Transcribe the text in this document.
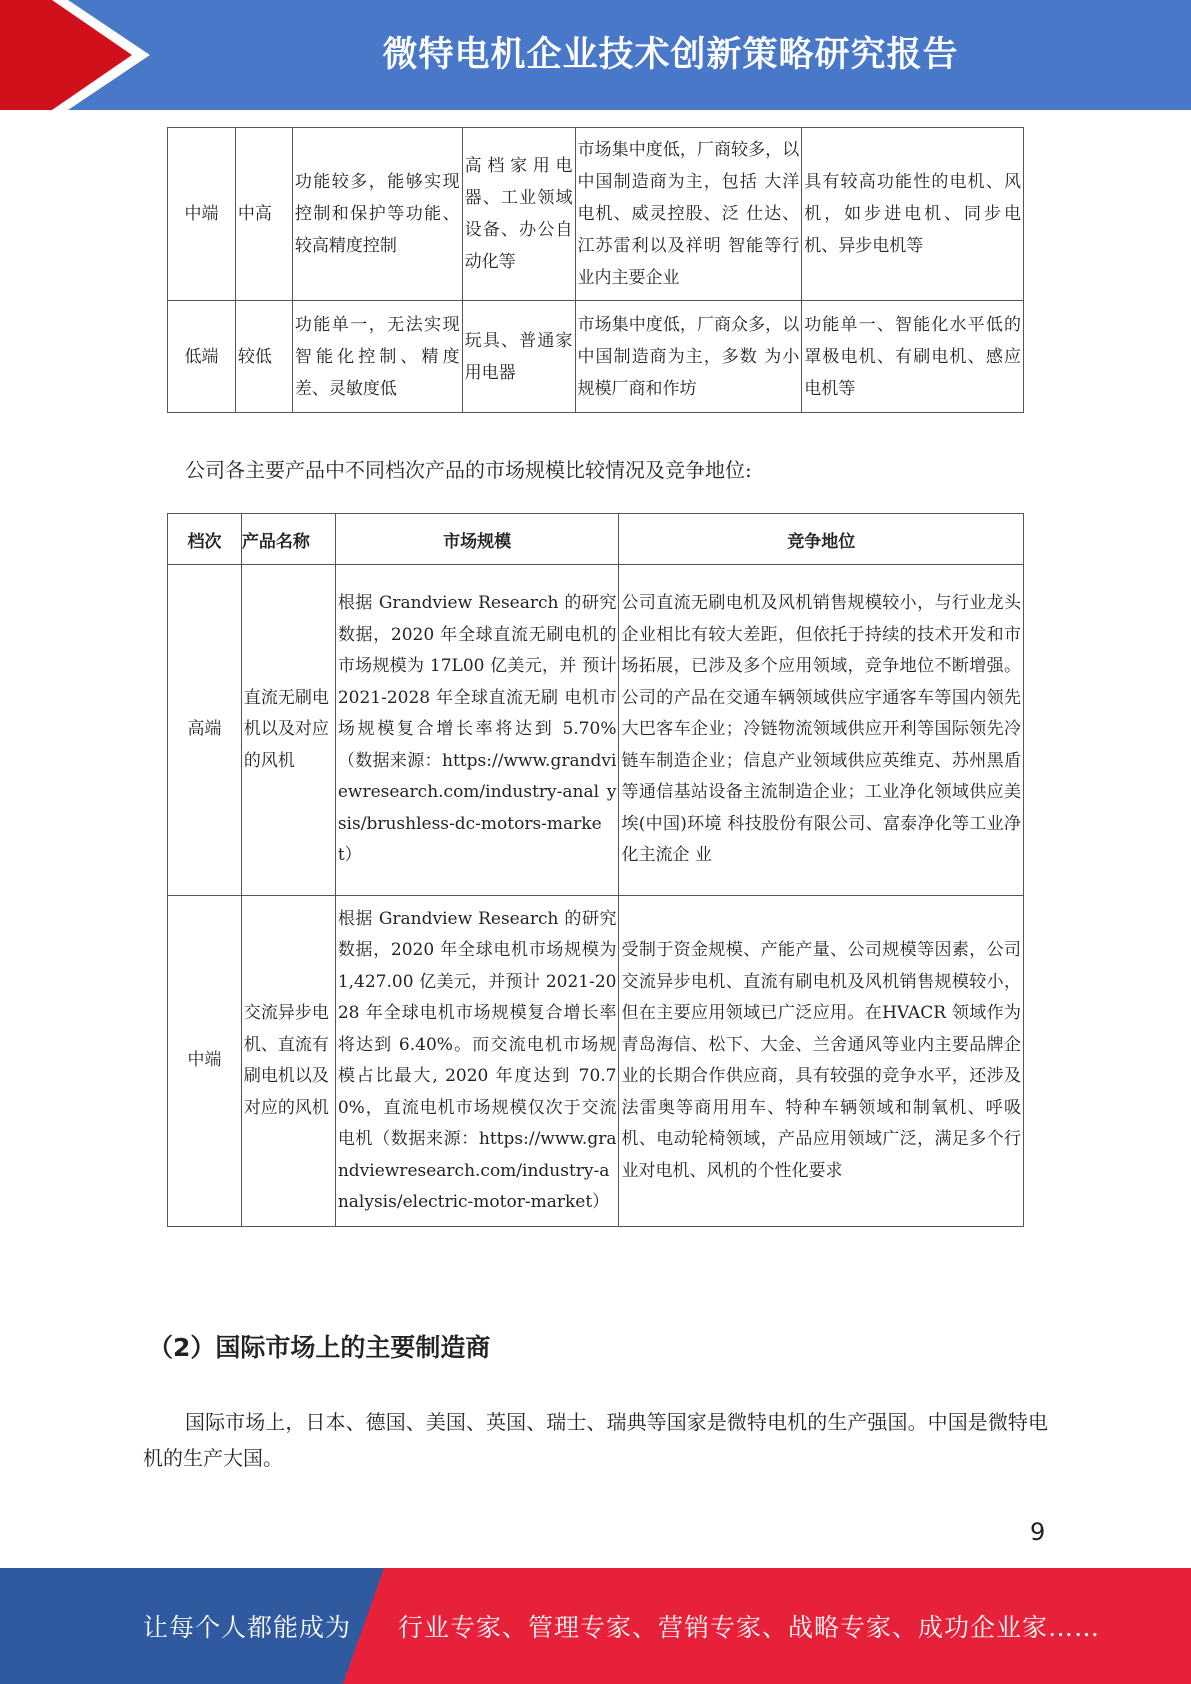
微特电机企业技术创新策略研究报告
中端	中高	功能较多，能够实现控制和保护等功能、较高精度控制	高档家用电器、工业领域设备、办公自动化等	市场集中度低，厂商较多，以中国制造商为主，包括 大洋电机、威灵控股、泛 仕达、江苏雷利以及祥明 智能等行业内主要企业	具有较高功能性的电机、风机，如步进电机、同步电机、异步电机等
低端	较低	功能单一，无法实现智能化控制、精度差、灵敏度低	玩具、普通家用电器	市场集中度低，厂商众多，以中国制造商为主，多数 为小规模厂商和作坊	功能单一、智能化水平低的罩极电机、有刷电机、感应电机等
公司各主要产品中不同档次产品的市场规模比较情况及竞争地位:
档次	产品名称	市场规模	竞争地位
高端	直流无刷电机以及对应的风机	根据 Grandview Research 的研究数据，2020 年全球直流无刷电机的市场规模为 17L00 亿美元，并 预计 2021-2028 年全球直流无刷 电机市场规模复合增长率将达到 5.70%（数据来源：https://www.grandviewresearch.com/industry-anal ysis/brushless-dc-motors-market）	公司直流无刷电机及风机销售规模较小，与行业龙头企业相比有较大差距，但依托于持续的技术开发和市场拓展，已涉及多个应用领域，竞争地位不断增强。公司的产品在交通车辆领域供应宇通客车等国内领先大巴客车企业；冷链物流领域供应开利等国际领先冷链车制造企业；信息产业领域供应英维克、苏州黑盾等通信基站设备主流制造企业；工业净化领域供应美埃(中国)环境 科技股份有限公司、富泰净化等工业净化主流企 业
中端	交流异步电机、直流有刷电机以及对应的风机	根据 Grandview Research 的研究数据，2020 年全球电机市场规模为 1,427.00 亿美元，并预计 2021-2028 年全球电机市场规模复合增长率将达到 6.40%。而交流电机市场规模占比最大, 2020 年度达到 70.70%，直流电机市场规模仅次于交流电机（数据来源：https://www.grandviewresearch.com/industry-analysis/electric-motor-market）	受制于资金规模、产能产量、公司规模等因素，公司交流异步电机、直流有刷电机及风机销售规模较小，但在主要应用领域已广泛应用。在HVACR 领域作为青岛海信、松下、大金、兰舍通风等业内主要品牌企业的长期合作供应商，具有较强的竞争水平，还涉及法雷奥等商用用车、特种车辆领域和制氧机、呼吸机、电动轮椅领域，产品应用领域广泛，满足多个行业对电机、风机的个性化要求
（2）国际市场上的主要制造商
国际市场上，日本、德国、美国、英国、瑞士、瑞典等国家是微特电机的生产强国。中国是微特电机的生产大国。
9
让每个人都能成为 行业专家、管理专家、营销专家、战略专家、成功企业家……
